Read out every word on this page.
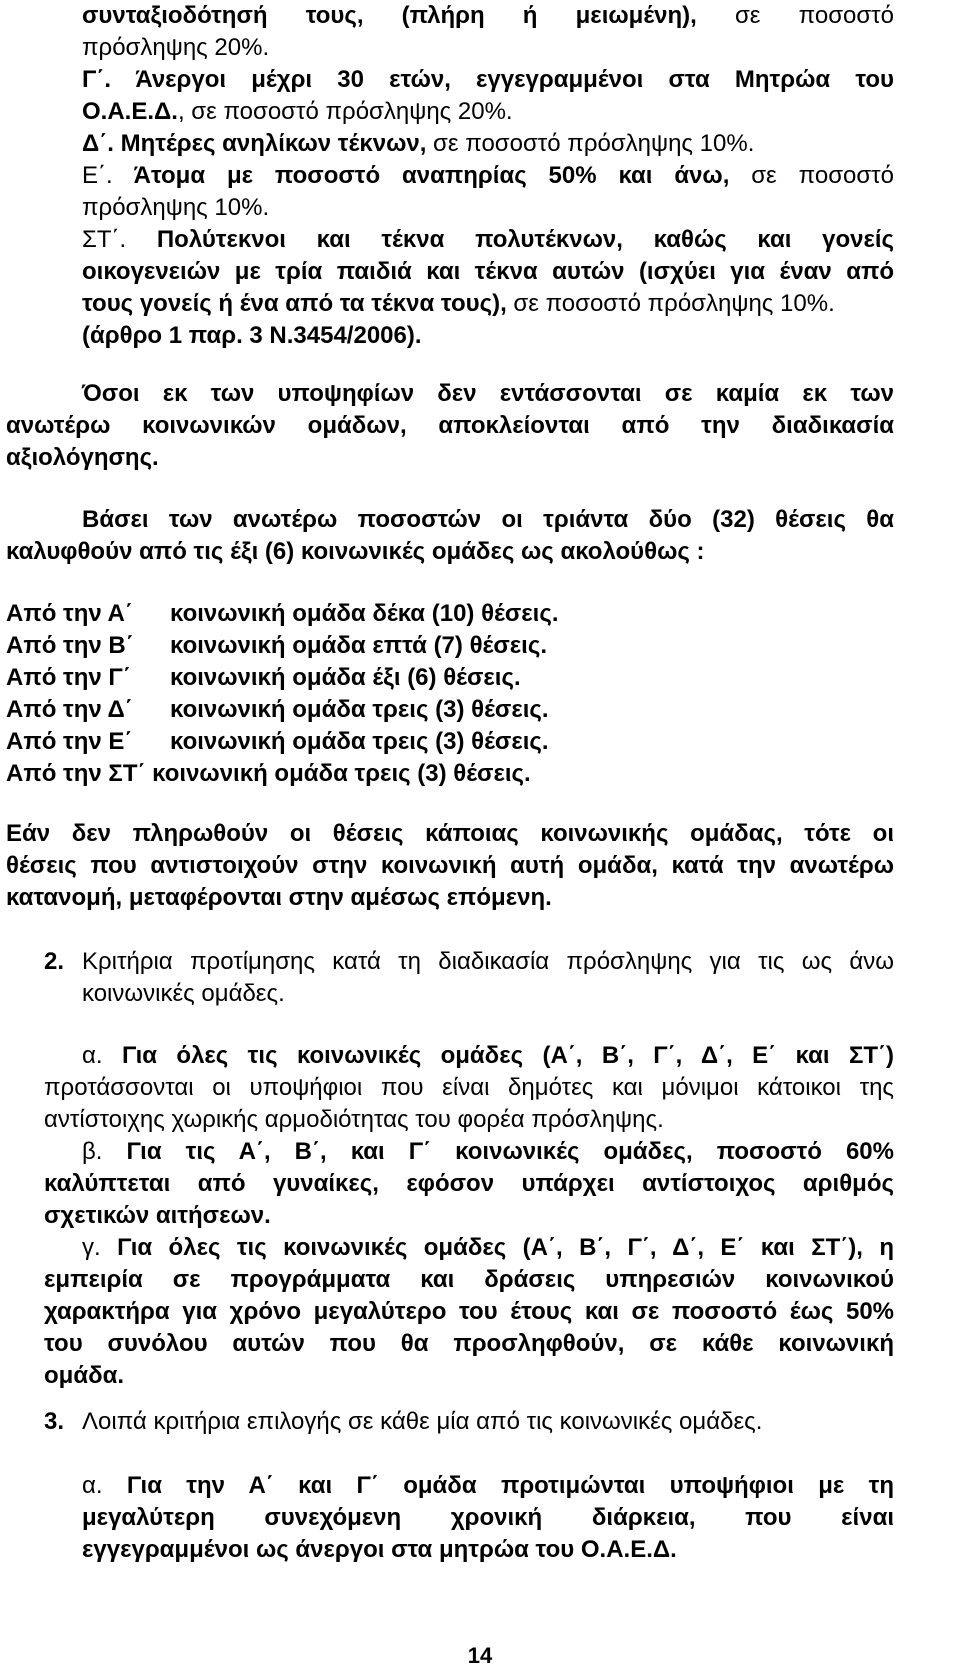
συνταξιοδότησή τους, (πλήρη ή μειωμένη), σε ποσοστό
πρόσληψης 20%.
Γ΄. Άνεργοι μέχρι 30 ετών, εγγεγραμμένοι στα Μητρώα του
Ο.Α.Ε.Δ., σε ποσοστό πρόσληψης 20%.
Δ΄. Μητέρες ανηλίκων τέκνων, σε ποσοστό πρόσληψης 10%.
Ε΄. Άτομα με ποσοστό αναπηρίας 50% και άνω, σε ποσοστό
πρόσληψης 10%.
ΣΤ΄. Πολύτεκνοι και τέκνα πολυτέκνων, καθώς και γονείς
οικογενειών με τρία παιδιά και τέκνα αυτών (ισχύει για έναν από
τους γονείς ή ένα από τα τέκνα τους), σε ποσοστό πρόσληψης 10%.
(άρθρο 1 παρ. 3 Ν.3454/2006).
Όσοι εκ των υποψηφίων δεν εντάσσονται σε καμία εκ των
ανωτέρω κοινωνικών ομάδων, αποκλείονται από την διαδικασία
αξιολόγησης.
Βάσει των ανωτέρω ποσοστών οι τριάντα δύο (32) θέσεις θα
καλυφθούν από τις έξι (6) κοινωνικές ομάδες ως ακολούθως :
Από την Α΄ κοινωνική ομάδα δέκα (10) θέσεις.
Από την Β΄ κοινωνική ομάδα επτά (7) θέσεις.
Από την Γ΄ κοινωνική ομάδα έξι (6) θέσεις.
Από την Δ΄ κοινωνική ομάδα τρεις (3) θέσεις.
Από την Ε΄ κοινωνική ομάδα τρεις (3) θέσεις.
Από την ΣΤ΄ κοινωνική ομάδα τρεις (3) θέσεις.
Εάν δεν πληρωθούν οι θέσεις κάποιας κοινωνικής ομάδας, τότε οι
θέσεις που αντιστοιχούν στην κοινωνική αυτή ομάδα, κατά την ανωτέρω
κατανομή, μεταφέρονται στην αμέσως επόμενη.
2. Κριτήρια προτίμησης κατά τη διαδικασία πρόσληψης για τις ως άνω
κοινωνικές ομάδες.
α. Για όλες τις κοινωνικές ομάδες (Α΄, Β΄, Γ΄, Δ΄, Ε΄ και ΣΤ΄)
προτάσσονται οι υποψήφιοι που είναι δημότες και μόνιμοι κάτοικοι της
αντίστοιχης χωρικής αρμοδιότητας του φορέα πρόσληψης.
β. Για τις Α΄, Β΄, και Γ΄ κοινωνικές ομάδες, ποσοστό 60%
καλύπτεται από γυναίκες, εφόσον υπάρχει αντίστοιχος αριθμός
σχετικών αιτήσεων.
γ. Για όλες τις κοινωνικές ομάδες (Α΄, Β΄, Γ΄, Δ΄, Ε΄ και ΣΤ΄), η
εμπειρία σε προγράμματα και δράσεις υπηρεσιών κοινωνικού
χαρακτήρα για χρόνο μεγαλύτερο του έτους και σε ποσοστό έως 50%
του συνόλου αυτών που θα προσληφθούν, σε κάθε κοινωνική
ομάδα.
3. Λοιπά κριτήρια επιλογής σε κάθε μία από τις κοινωνικές ομάδες.
α. Για την Α΄ και Γ΄ ομάδα προτιμώνται υποψήφιοι με τη
μεγαλύτερη συνεχόμενη χρονική διάρκεια, που είναι
εγγεγραμμένοι ως άνεργοι στα μητρώα του Ο.Α.Ε.Δ.
14
